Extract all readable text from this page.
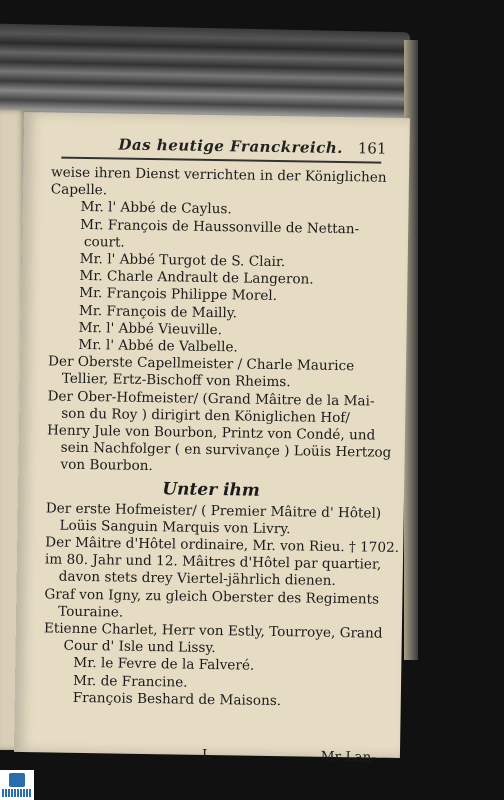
Das heutige Franckreich. 161
weise ihren Dienst verrichten in der Königlichen
Capelle.
Mr. l' Abbé de Caylus.
Mr. François de Haussonville de Nettan-
court.
Mr. l' Abbé Turgot de S. Clair.
Mr. Charle Andrault de Langeron.
Mr. François Philippe Morel.
Mr. François de Mailly.
Mr. l' Abbé Vieuville.
Mr. l' Abbé de Valbelle.
Der Oberste Capellmeister / Charle Maurice
Tellier, Ertz-Bischoff von Rheims.
Der Ober-Hofmeister/ (Grand Mâitre de la Mai-
son du Roy ) dirigirt den Königlichen Hof/
Henry Jule von Bourbon, Printz von Condé, und
sein Nachfolger ( en survivançe ) Loüis Hertzog
von Bourbon.
Unter ihm
Der erste Hofmeister/ ( Premier Mâitre d' Hôtel)
Loüis Sanguin Marquis von Livry.
Der Mâitre d'Hôtel ordinaire, Mr. von Rieu. † 1702.
im 80. Jahr und 12. Mâitres d'Hôtel par quartier,
davon stets drey Viertel-jährlich dienen.
Graf von Igny, zu gleich Oberster des Regiments
Touraine.
Etienne Charlet, Herr von Estly, Tourroye, Grand
Cour d' Isle und Lissy.
Mr. le Fevre de la Falveré.
Mr. de Francine.
François Beshard de Maisons.
L	Mr Lan-
